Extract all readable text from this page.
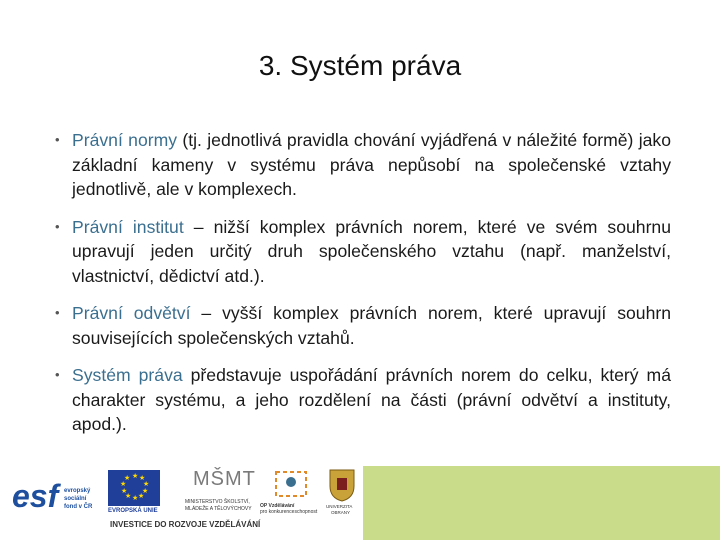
3. Systém práva
• Právní normy (tj. jednotlivá pravidla chování vyjádřená v náležité formě) jako základní kameny v systému práva nepůsobí na společenské vztahy jednotlivě, ale v komplexech.
• Právní institut – nižší komplex právních norem, které ve svém souhrnu upravují jeden určitý druh společenského vztahu (např. manželství, vlastnictví, dědictví atd.).
• Právní odvětví – vyšší komplex právních norem, které upravují souhrn souvisejících společenských vztahů.
• Systém práva představuje uspořádání právních norem do celku, který má charakter systému, a jeho rozdělení na části (právní odvětví a instituty, apod.).
esf evropský
sociální
fond v ČR
★ ★
★
★
★
★
★
★
★
★
EVROPSKÁ UNIE
MŠMT
MINISTERSTVO ŠKOLSTVÍ,
MLÁDEŽE A TĚLOVÝCHOVY OP Vzdělávání
pro konkurenceschopnost
UNIVERZITA
OBRANY
INVESTICE DO ROZVOJE VZDĚLÁVÁNÍ
